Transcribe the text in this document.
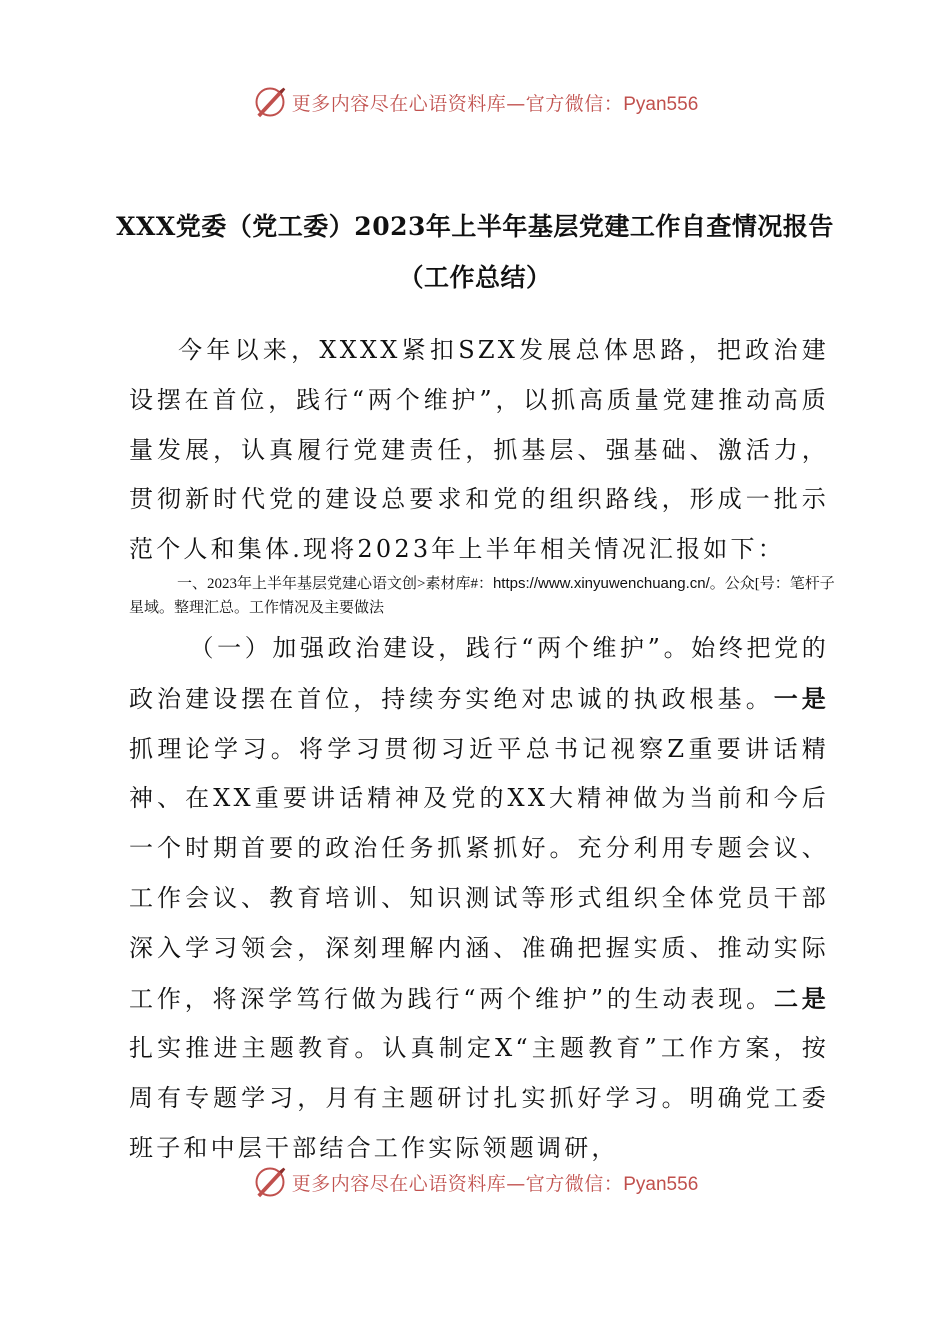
更多内容尽在心语资料库—官方微信：Pyan556
XXX党委（党工委）2023年上半年基层党建工作自查情况报告
（工作总结）
今年以来，XXXX紧扣SZX发展总体思路，把政治建设摆在首位，践行“两个维护”，以抓高质量党建推动高质量发展，认真履行党建责任，抓基层、强基础、激活力，贯彻新时代党的建设总要求和党的组织路线，形成一批示范个人和集体.现将2023年上半年相关情况汇报如下：
一、2023年上半年基层党建心语文创>素材库#：https://www.xinyuwenchuang.cn/。公众[号：笔杆子星域。整理汇总。工作情况及主要做法
（一）加强政治建设，践行“两个维护”。始终把党的政治建设摆在首位，持续夯实绝对忠诚的执政根基。一是抓理论学习。将学习贯彻习近平总书记视察Z重要讲话精神、在XX重要讲话精神及党的XX大精神做为当前和今后一个时期首要的政治任务抓紧抓好。充分利用专题会议、工作会议、教育培训、知识测试等形式组织全体党员干部深入学习领会，深刻理解内涵、准确把握实质、推动实际工作，将深学笃行做为践行“两个维护”的生动表现。二是扎实推进主题教育。认真制定X“主题教育”工作方案，按周有专题学习，月有主题研讨扎实抓好学习。明确党工委班子和中层干部结合工作实际领题调研，
更多内容尽在心语资料库—官方微信：Pyan556
